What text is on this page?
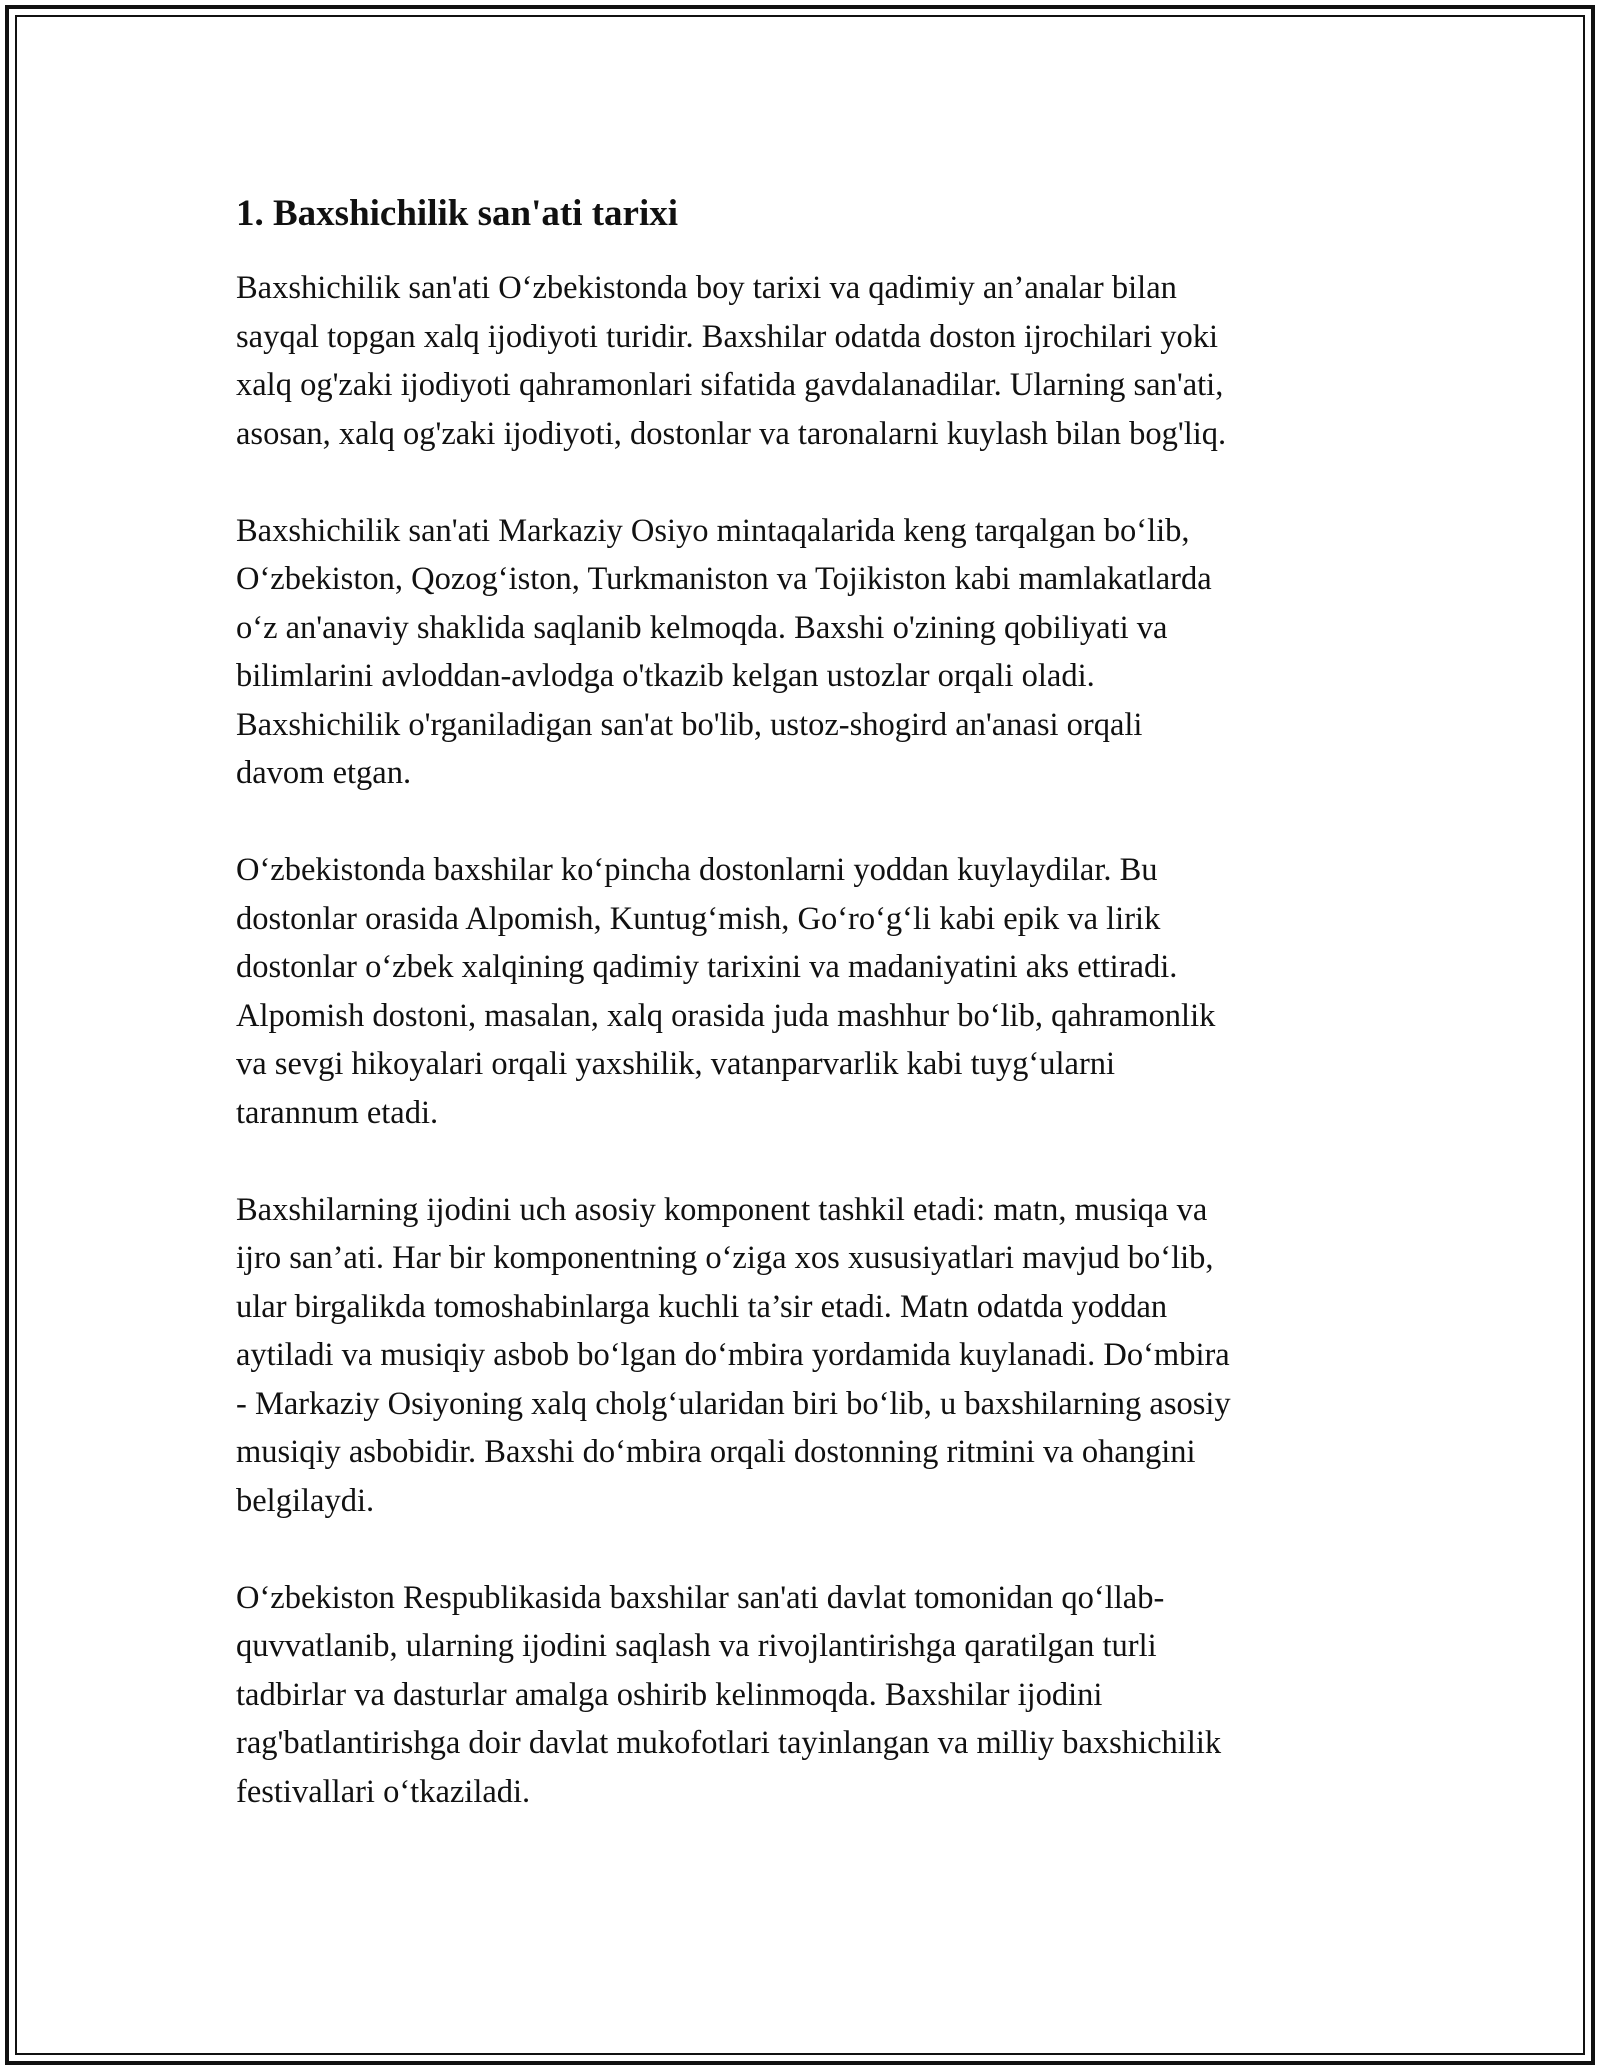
1. Baxshichilik san'ati tarixi

Baxshichilik san'ati O‘zbekistonda boy tarixi va qadimiy an’analar bilan
sayqal topgan xalq ijodiyoti turidir. Baxshilar odatda doston ijrochilari yoki
xalq og'zaki ijodiyoti qahramonlari sifatida gavdalanadilar. Ularning san'ati,
asosan, xalq og'zaki ijodiyoti, dostonlar va taronalarni kuylash bilan bog'liq.

Baxshichilik san'ati Markaziy Osiyo mintaqalarida keng tarqalgan bo‘lib,
O‘zbekiston, Qozog‘iston, Turkmaniston va Tojikiston kabi mamlakatlarda
o‘z an'anaviy shaklida saqlanib kelmoqda. Baxshi o'zining qobiliyati va
bilimlarini avloddan-avlodga o'tkazib kelgan ustozlar orqali oladi.
Baxshichilik o'rganiladigan san'at bo'lib, ustoz-shogird an'anasi orqali
davom etgan.

O‘zbekistonda baxshilar ko‘pincha dostonlarni yoddan kuylaydilar. Bu
dostonlar orasida Alpomish, Kuntug‘mish, Go‘ro‘g‘li kabi epik va lirik
dostonlar o‘zbek xalqining qadimiy tarixini va madaniyatini aks ettiradi.
Alpomish dostoni, masalan, xalq orasida juda mashhur bo‘lib, qahramonlik
va sevgi hikoyalari orqali yaxshilik, vatanparvarlik kabi tuyg‘ularni
tarannum etadi.

Baxshilarning ijodini uch asosiy komponent tashkil etadi: matn, musiqa va
ijro san’ati. Har bir komponentning o‘ziga xos xususiyatlari mavjud bo‘lib,
ular birgalikda tomoshabinlarga kuchli ta’sir etadi. Matn odatda yoddan
aytiladi va musiqiy asbob bo‘lgan do‘mbira yordamida kuylanadi. Do‘mbira
- Markaziy Osiyoning xalq cholg‘ularidan biri bo‘lib, u baxshilarning asosiy
musiqiy asbobidir. Baxshi do‘mbira orqali dostonning ritmini va ohangini
belgilaydi.

O‘zbekiston Respublikasida baxshilar san'ati davlat tomonidan qo‘llab-
quvvatlanib, ularning ijodini saqlash va rivojlantirishga qaratilgan turli
tadbirlar va dasturlar amalga oshirib kelinmoqda. Baxshilar ijodini
rag'batlantirishga doir davlat mukofotlari tayinlangan va milliy baxshichilik
festivallari o‘tkaziladi.
